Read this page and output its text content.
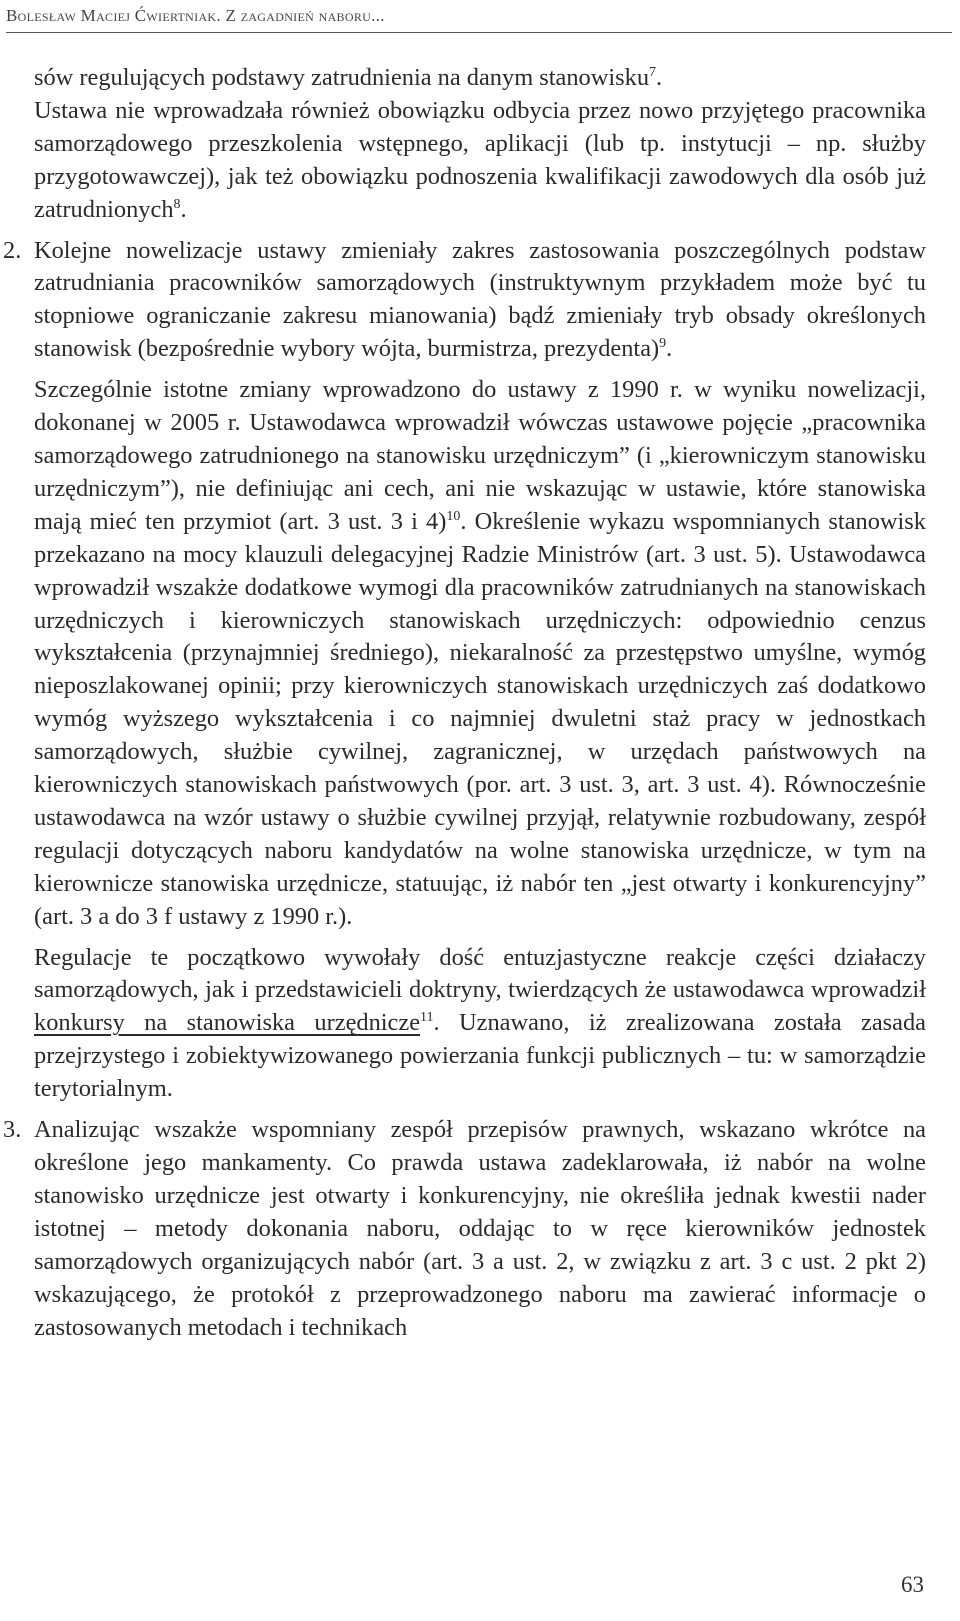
Bolesław Maciej Ćwiertniak. Z zagadnień naboru...

sów regulujących podstawy zatrudnienia na danym stanowisku$^7$.

Ustawa nie wprowadzała również obowiązku odbycia przez nowo przyjętego pracownika samorządowego przeszkolenia wstępnego, aplikacji (lub tp. instytucji – np. służby przygotowawczej), jak też obowiązku podnoszenia kwalifikacji zawodowych dla osób już zatrudnionych$^8$.

2. Kolejne nowelizacje ustawy zmieniały zakres zastosowania poszczególnych podstaw zatrudniania pracowników samorządowych (instruktywnym przykładem może być tu stopniowe ograniczanie zakresu mianowania) bądź zmieniały tryb obsady określonych stanowisk (bezpośrednie wybory wójta, burmistrza, prezydenta)$^9$.

Szczególnie istotne zmiany wprowadzono do ustawy z 1990 r. w wyniku nowelizacji, dokonanej w 2005 r. Ustawodawca wprowadził wówczas ustawowe pojęcie „pracownika samorządowego zatrudnionego na stanowisku urzędniczym” (i „kierowniczym stanowisku urzędniczym”), nie definiując ani cech, ani nie wskazując w ustawie, które stanowiska mają mieć ten przymiot (art. 3 ust. 3 i 4)$^{10}$. Określenie wykazu wspomnianych stanowisk przekazano na mocy klauzuli delegacyjnej Radzie Ministrów (art. 3 ust. 5). Ustawodawca wprowadził wszakże dodatkowe wymogi dla pracowników zatrudnianych na stanowiskach urzędniczych i kierowniczych stanowiskach urzędniczych: odpowiednio cenzus wykształcenia (przynajmniej średniego), niekaralność za przestępstwo umyślne, wymóg nieposzlakowanej opinii; przy kierowniczych stanowiskach urzędniczych zaś dodatkowo wymóg wyższego wykształcenia i co najmniej dwuletni staż pracy w jednostkach samorządowych, służbie cywilnej, zagranicznej, w urzędach państwowych na kierowniczych stanowiskach państwowych (por. art. 3 ust. 3, art. 3 ust. 4). Równocześnie ustawodawca na wzór ustawy o służbie cywilnej przyjął, relatywnie rozbudowany, zespół regulacji dotyczących naboru kandydatów na wolne stanowiska urzędnicze, w tym na kierownicze stanowiska urzędnicze, statuując, iż nabór ten „jest otwarty i konkurencyjny” (art. 3 a do 3 f ustawy z 1990 r.).

Regulacje te początkowo wywołały dość entuzjastyczne reakcje części działaczy samorządowych, jak i przedstawicieli doktryny, twierdzących że ustawodawca wprowadził konkursy na stanowiska urzędnicze$^{11}$. Uznawano, iż zrealizowana została zasada przejrzystego i zobiektywizowanego powierzania funkcji publicznych – tu: w samorządzie terytorialnym.

3. Analizując wszakże wspomniany zespół przepisów prawnych, wskazano wkrótce na określone jego mankamenty. Co prawda ustawa zadeklarowała, iż nabór na wolne stanowisko urzędnicze jest otwarty i konkurencyjny, nie określiła jednak kwestii nader istotnej – metody dokonania naboru, oddając to w ręce kierowników jednostek samorządowych organizujących nabór (art. 3 a ust. 2, w związku z art. 3 c ust. 2 pkt 2) wskazującego, że protokół z przeprowadzonego naboru ma zawierać informacje o zastosowanych metodach i technikach

63
